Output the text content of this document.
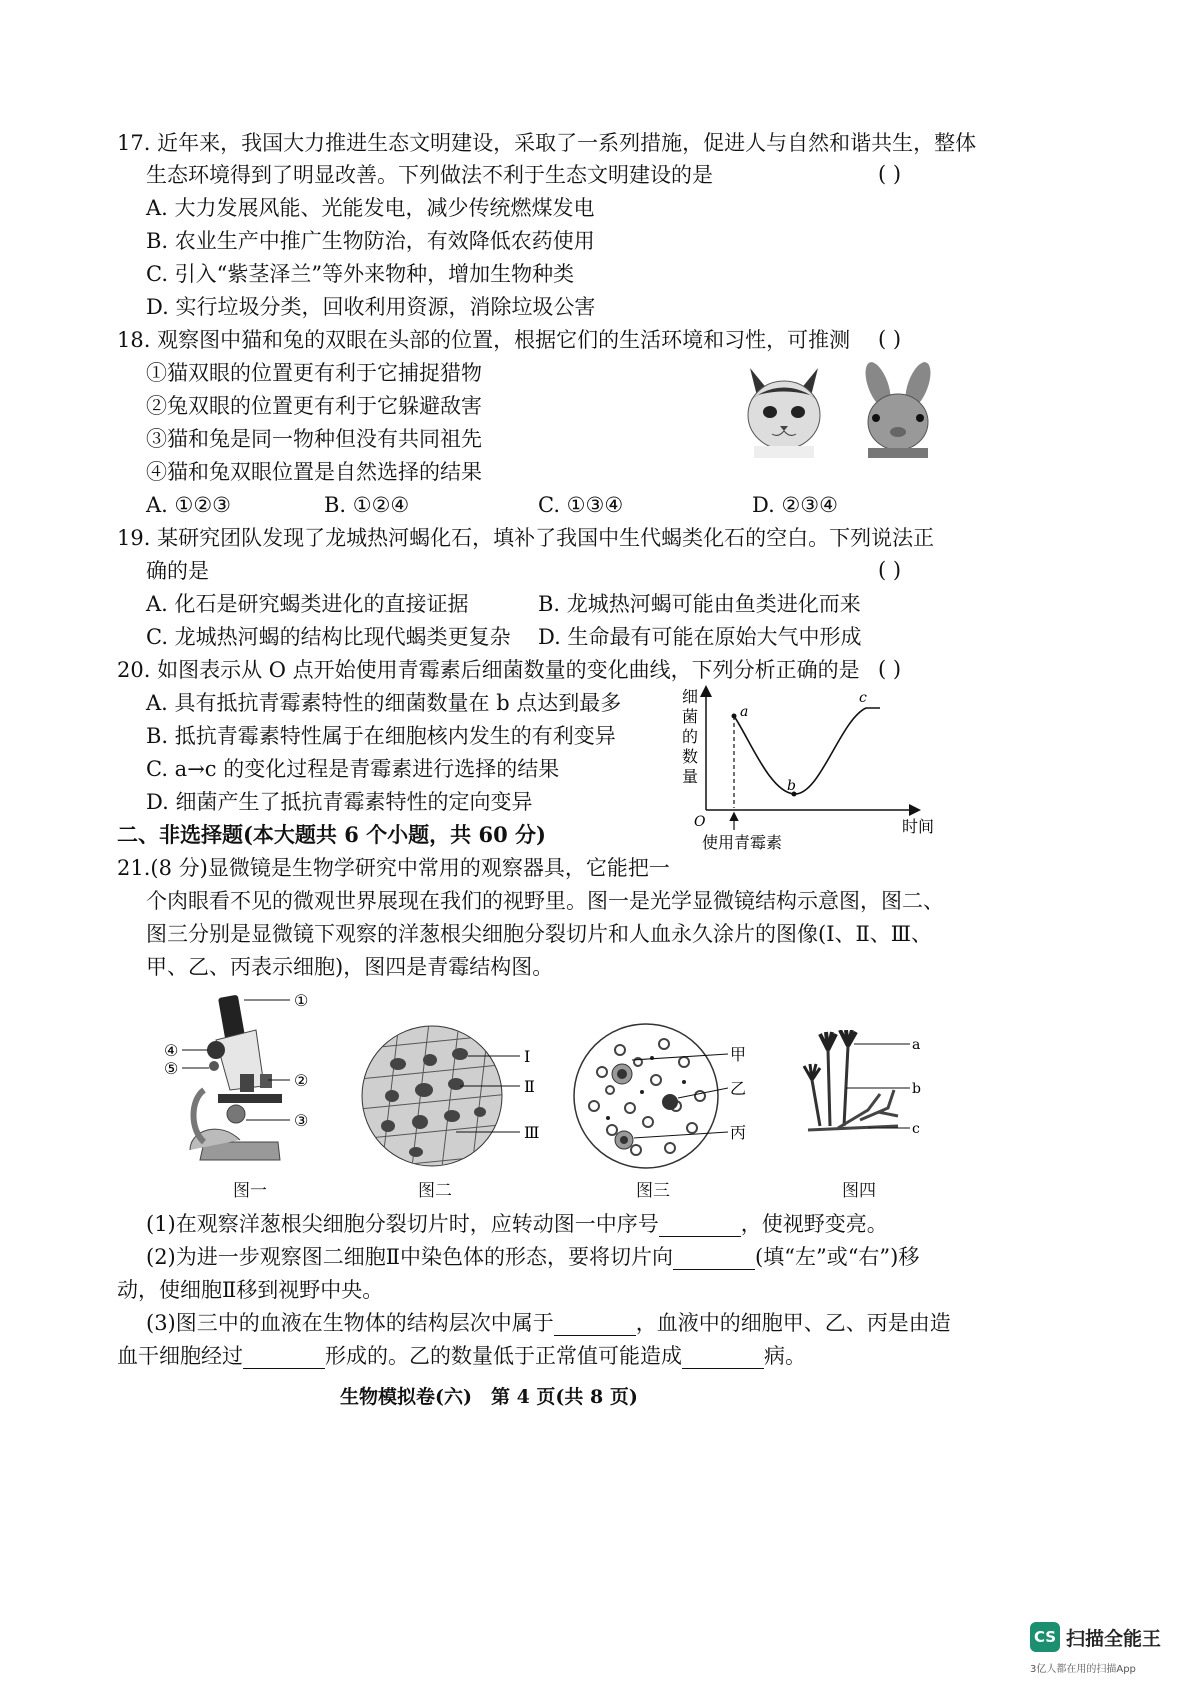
17. 近年来，我国大力推进生态文明建设，采取了一系列措施，促进人与自然和谐共生，整体
生态环境得到了明显改善。下列做法不利于生态文明建设的是	( )
A. 大力发展风能、光能发电，减少传统燃煤发电
B. 农业生产中推广生物防治，有效降低农药使用
C. 引入“紫茎泽兰”等外来物种，增加生物种类
D. 实行垃圾分类，回收利用资源，消除垃圾公害
18. 观察图中猫和兔的双眼在头部的位置，根据它们的生活环境和习性，可推测 ( )
①猫双眼的位置更有利于它捕捉猎物
②兔双眼的位置更有利于它躲避敌害
③猫和兔是同一物种但没有共同祖先
④猫和兔双眼位置是自然选择的结果
A. ①②③	B. ①②④	C. ①③④	D. ②③④
19. 某研究团队发现了龙城热河蝎化石，填补了我国中生代蝎类化石的空白。下列说法正
确的是	( )
A. 化石是研究蝎类进化的直接证据	B. 龙城热河蝎可能由鱼类进化而来
C. 龙城热河蝎的结构比现代蝎类更复杂 D. 生命最有可能在原始大气中形成
20. 如图表示从 O 点开始使用青霉素后细菌数量的变化曲线，下列分析正确的是 ( )
A. 具有抵抗青霉素特性的细菌数量在 b 点达到最多
B. 抵抗青霉素特性属于在细胞核内发生的有利变异
C. a→c 的变化过程是青霉素进行选择的结果
D. 细菌产生了抵抗青霉素特性的定向变异
a
b
c
细
菌
的
数
量
O	时间
使用青霉素
二、非选择题(本大题共 6 个小题，共 60 分)
21.(8 分)显微镜是生物学研究中常用的观察器具，它能把一
个肉眼看不见的微观世界展现在我们的视野里。图一是光学显微镜结构示意图，图二、
图三分别是显微镜下观察的洋葱根尖细胞分裂切片和人血永久涂片的图像(Ⅰ、Ⅱ、Ⅲ、
甲、乙、丙表示细胞)，图四是青霉结构图。
①
②
③
④
⑤
图一
Ⅰ
Ⅱ
Ⅲ
图二
甲
乙
丙
图三
a
b
c
图四
(1)在观察洋葱根尖细胞分裂切片时，应转动图一中序号	，使视野变亮。
(2)为进一步观察图二细胞Ⅱ中染色体的形态，要将切片向	(填“左”或“右”)移
动，使细胞Ⅱ移到视野中央。
(3)图三中的血液在生物体的结构层次中属于	，血液中的细胞甲、乙、丙是由造
血干细胞经过	形成的。乙的数量低于正常值可能造成	病。
生物模拟卷(六)　第 4 页(共 8 页)
CS 扫描全能王
3亿人都在用的扫描App
